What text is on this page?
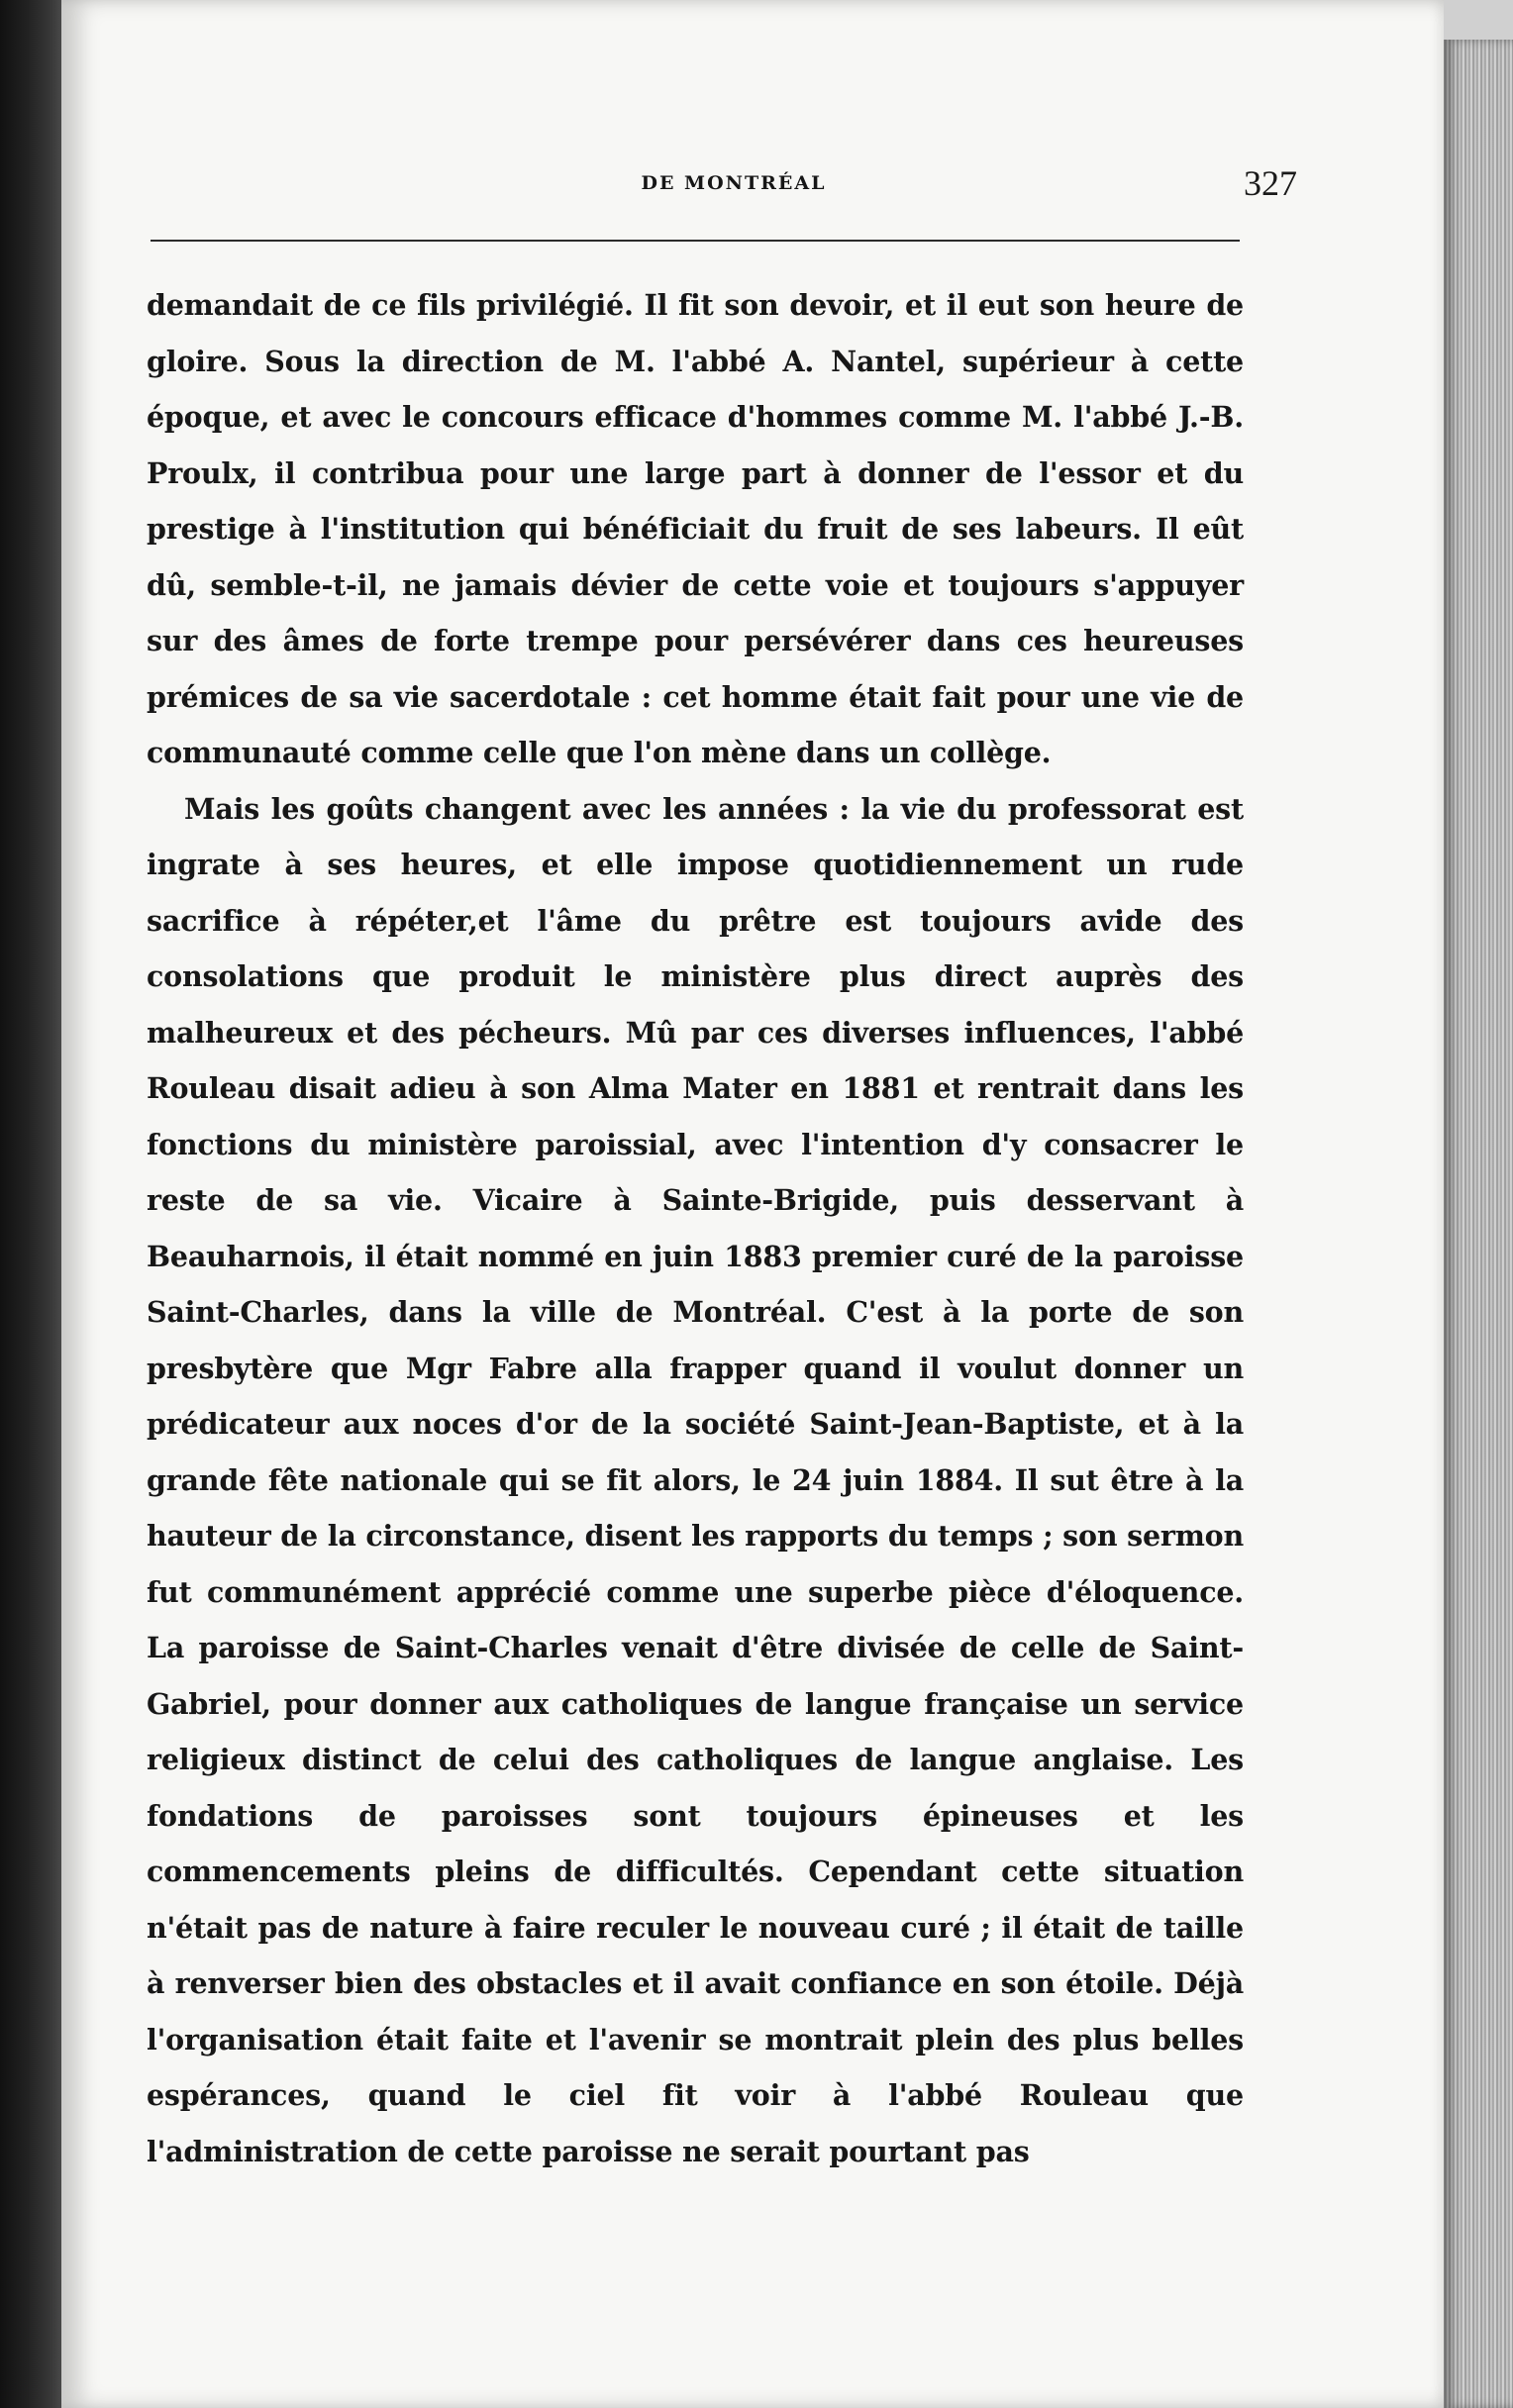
DE MONTRÉAL	327

demandait de ce fils privilégié. Il fit son devoir, et il eut son heure de gloire. Sous la direction de M. l'abbé A. Nantel, supérieur à cette époque, et avec le concours efficace d'hommes comme M. l'abbé J.-B. Proulx, il contribua pour une large part à donner de l'essor et du prestige à l'institution qui bénéficiait du fruit de ses labeurs. Il eût dû, semble-t-il, ne jamais dévier de cette voie et toujours s'appuyer sur des âmes de forte trempe pour persévérer dans ces heureuses prémices de sa vie sacerdotale : cet homme était fait pour une vie de communauté comme celle que l'on mène dans un collège.

Mais les goûts changent avec les années : la vie du professorat est ingrate à ses heures, et elle impose quotidiennement un rude sacrifice à répéter,et l'âme du prêtre est toujours avide des consolations que produit le ministère plus direct auprès des malheureux et des pécheurs. Mû par ces diverses influences, l'abbé Rouleau disait adieu à son Alma Mater en 1881 et rentrait dans les fonctions du ministère paroissial, avec l'intention d'y consacrer le reste de sa vie. Vicaire à Sainte-Brigide, puis desservant à Beauharnois, il était nommé en juin 1883 premier curé de la paroisse Saint-Charles, dans la ville de Montréal. C'est à la porte de son presbytère que Mgr Fabre alla frapper quand il voulut donner un prédicateur aux noces d'or de la société Saint-Jean-Baptiste, et à la grande fête nationale qui se fit alors, le 24 juin 1884. Il sut être à la hauteur de la circonstance, disent les rapports du temps ; son sermon fut communément apprécié comme une superbe pièce d'éloquence. La paroisse de Saint-Charles venait d'être divisée de celle de Saint-Gabriel, pour donner aux catholiques de langue française un service religieux distinct de celui des catholiques de langue anglaise. Les fondations de paroisses sont toujours épineuses et les commencements pleins de difficultés. Cependant cette situation n'était pas de nature à faire reculer le nouveau curé ; il était de taille à renverser bien des obstacles et il avait confiance en son étoile. Déjà l'organisation était faite et l'avenir se montrait plein des plus belles espérances, quand le ciel fit voir à l'abbé Rouleau que l'administration de cette paroisse ne serait pourtant pas
